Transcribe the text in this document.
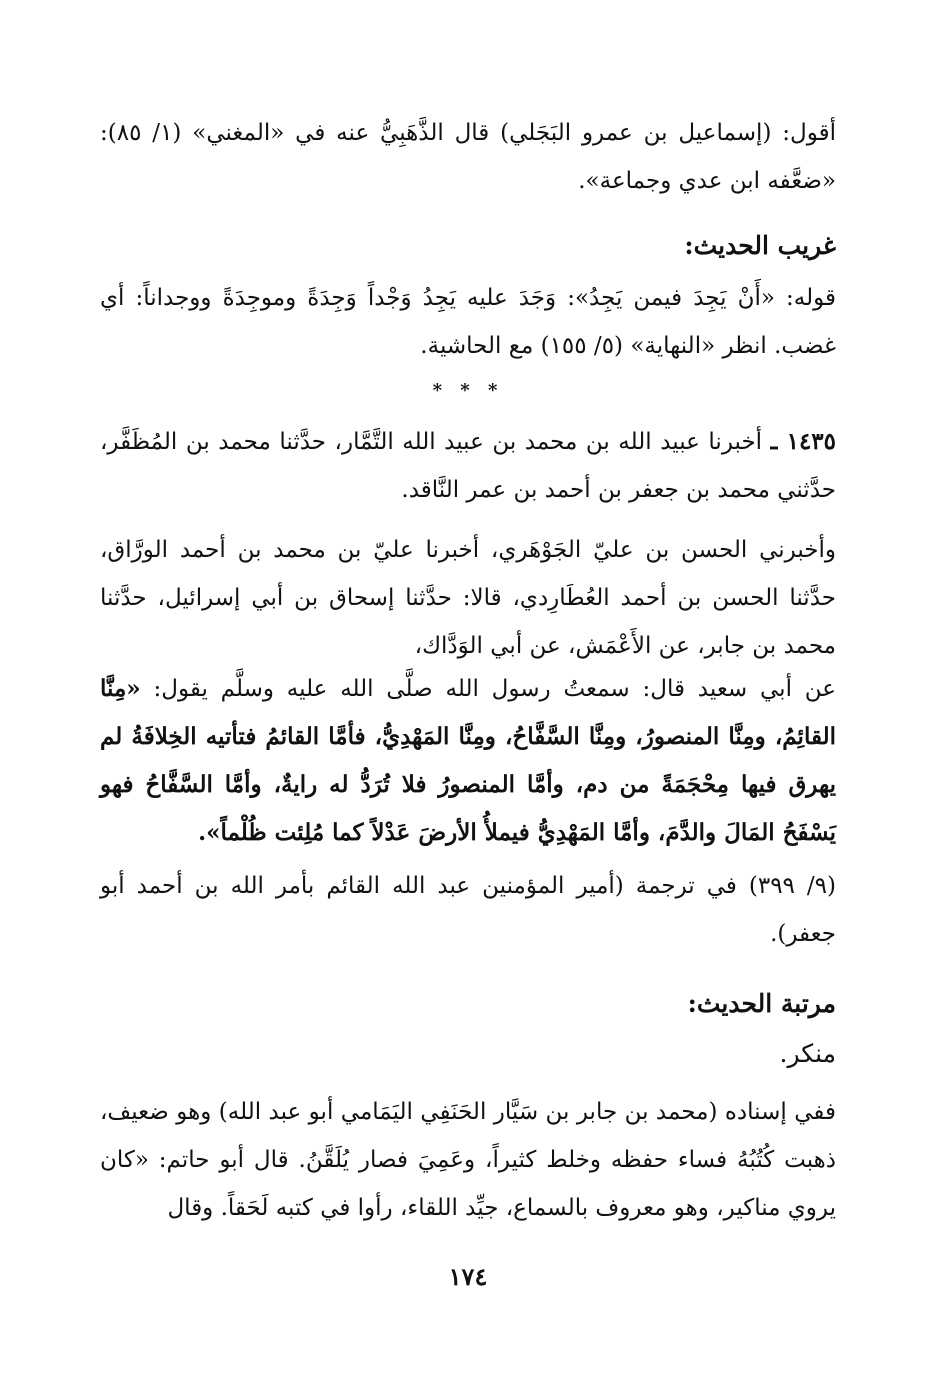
أقول: (إسماعيل بن عمرو البَجَلي) قال الذَّهَبِيُّ عنه في «المغني» (١/ ٨٥): «ضعَّفه ابن عدي وجماعة».
غريب الحديث:
قوله: «أَنْ يَجِدَ فيمن يَجِدُ»: وَجَدَ عليه يَجِدُ وَجْداً وَجِدَةً وموجِدَةً ووجداناً: أي غضب. انظر «النهاية» (٥/ ١٥٥) مع الحاشية.
* * *
١٤٣٥ ـ أخبرنا عبيد الله بن محمد بن عبيد الله التَّمَّار، حدَّثنا محمد بن المُظَفَّر، حدَّثني محمد بن جعفر بن أحمد بن عمر النَّاقد.
وأخبرني الحسن بن عليّ الجَوْهَري، أخبرنا عليّ بن محمد بن أحمد الورَّاق، حدَّثنا الحسن بن أحمد العُطَارِدي، قالا: حدَّثنا إسحاق بن أبي إسرائيل، حدَّثنا محمد بن جابر، عن الأَعْمَش، عن أبي الوَدَّاك،
عن أبي سعيد قال: سمعتُ رسول الله صلَّى الله عليه وسلَّم يقول: «مِنَّا القائِمُ، ومِنَّا المنصورُ، ومِنَّا السَّفَّاحُ، ومِنَّا المَهْدِيُّ، فأمَّا القائمُ فتأتيه الخِلافَةُ لم يهرق فيها مِحْجَمَةً من دم، وأمَّا المنصورُ فلا تُرَدُّ له رايةٌ، وأمَّا السَّفَّاحُ فهو يَسْفَحُ المَالَ والدَّمَ، وأمَّا المَهْدِيُّ فيملأُ الأرضَ عَدْلاً كما مُلِئت ظُلْماً».
(٩/ ٣٩٩) في ترجمة (أمير المؤمنين عبد الله القائم بأمر الله بن أحمد أبو جعفر).
مرتبة الحديث:
منكر.
ففي إسناده (محمد بن جابر بن سَيَّار الحَنَفِي اليَمَامي أبو عبد الله) وهو ضعيف، ذهبت كُتُبُهُ فساء حفظه وخلط كثيراً، وعَمِيَ فصار يُلَقَّنُ. قال أبو حاتم: «كان يروي مناكير، وهو معروف بالسماع، جيِّد اللقاء، رأوا في كتبه لَحَقاً. وقال
١٧٤
